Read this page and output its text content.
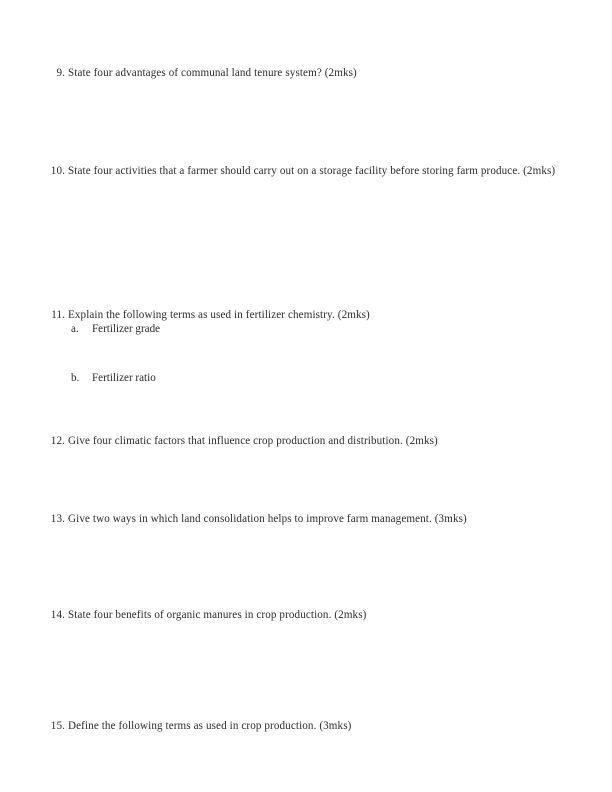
9. State four advantages of communal land tenure system? (2mks)
10. State four activities that a farmer should carry out on a storage facility before storing farm produce. (2mks)
11. Explain the following terms as used in fertilizer chemistry. (2mks)
a. Fertilizer grade
b. Fertilizer ratio
12. Give four climatic factors that influence crop production and distribution. (2mks)
13. Give two ways in which land consolidation helps to improve farm management. (3mks)
14. State four benefits of organic manures in crop production. (2mks)
15. Define the following terms as used in crop production. (3mks)
